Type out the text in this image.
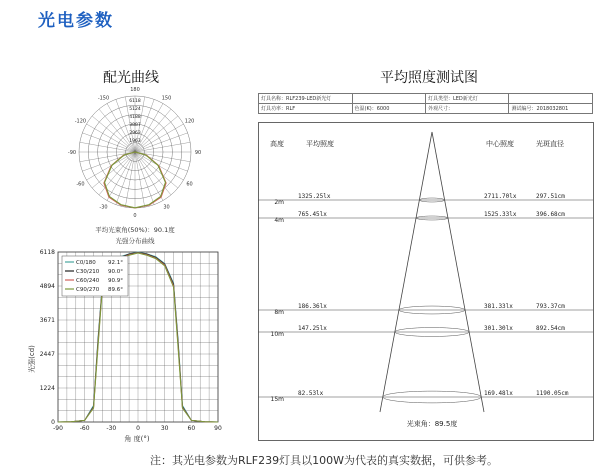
光电参数
配光曲线	平均照度测试图
-150
-120
-90
-60
-30
0
30
60
90
120
150
180
6118
5124
4188
3887
2963
1963
平均光束角(50%)：90.1度
光强分布曲线
-90	-60	-30	0	30	60	90
0
1224
2447
3671
4894
6118
C0/180 92.1°
C30/210 90.0°
C60/240 90.9°
C90/270 89.6°
光强(cd)
角 度(°)
灯具名称：RLF239-LED新光灯		灯具类型：LED新光灯	
灯具功率：RLF	色温(K)：6000	外观尺寸：	测试编号：2018032801
2m
1325.25lx	2711.70lx	297.51cm
4m
765.45lx	1525.33lx	396.68cm
8m
186.36lx	381.33lx	793.37cm
10m
147.25lx	301.30lx	892.54cm
15m
82.53lx	169.48lx	1190.05cm
高度	平均照度	中心照度	光斑直径
光束角：89.5度
注：其光电参数为RLF239灯具以100W为代表的真实数据，可供参考。
